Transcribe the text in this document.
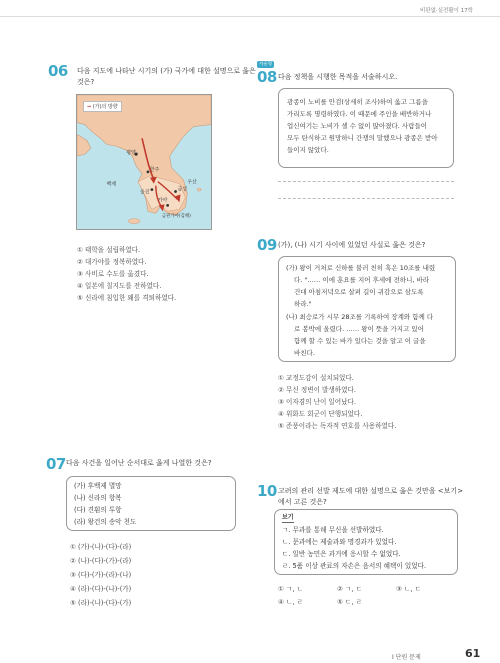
비판없·실전활이 17학
06 다음 지도에 나타난 시기의 (가) 국가에 대한 설명으로 옳은
것은?
평양
한주
웅진	금성
우산
백제
가야
금관가야(김해)
➞ (가)의 방향
① 태학을 설립하였다.
② 대가야를 정복하였다.
③ 사비로 수도를 옮겼다.
④ 일본에 칠지도를 전하였다.
⑤ 신라에 침입한 왜를 격퇴하였다.
07 다음 사건을 일어난 순서대로 옳게 나열한 것은?
(가) 후백제 멸망
(나) 신라의 항복
(다) 견훤의 투항
(라) 왕건의 송악 천도
① (가)-(나)-(다)-(라)
② (나)-(다)-(가)-(라)
③ (다)-(가)-(라)-(나)
④ (라)-(다)-(나)-(가)
⑤ (라)-(나)-(다)-(가)
서술형
08 다음 정책을 시행한 목적을 서술하시오.
광종이 노비를 안검(상세히 조사)하여 옳고 그름을
가리도록 명령하였다. 이 때문에 주인을 배반하거나
업신여기는 노비가 셀 수 없이 많아졌다. 사람들이
모두 탄식하고 원망하니 간쟁의 말했으나 광종은 받아
들이지 않았다.
09 (가), (나) 시기 사이에 있었던 사실로 옳은 것은?
(가) 왕이 거처로 신하를 불러 친히 혹은 10조를 내렸
다. "…… 이에 훈요를 지어 후세에 전하니, 바라
건대 아침저녁으로 살펴 길이 귀감으로 삼도록
하라."
(나) 최승로가 시무 28조를 기록하여 장계와 함께 다
로 봉박에 올렸다. …… 왕이 뜻을 가지고 있어
함께 할 수 있는 바가 있다는 것을 알고 이 글을
바친다.
① 교정도감이 설치되었다.
② 무신 정변이 발생하였다.
③ 이자겸의 난이 일어났다.
④ 위화도 회군이 단행되었다.
⑤ 준풍이라는 독자적 연호를 사용하였다.
10 고려의 관리 선발 제도에 대한 설명으로 옳은 것만을 <보기>
에서 고른 것은?
보기
ㄱ. 무과를 통해 무신을 선발하였다.
ㄴ. 문과에는 제술과와 명경과가 있었다.
ㄷ. 일반 농민은 과거에 응시할 수 없었다.
ㄹ. 5품 이상 관료의 자손은 음서의 혜택이 있었다.
① ㄱ, ㄴ	② ㄱ, ㄷ	③ ㄴ, ㄷ
④ ㄴ, ㄹ	⑤ ㄷ, ㄹ
I 단원 문제	61
